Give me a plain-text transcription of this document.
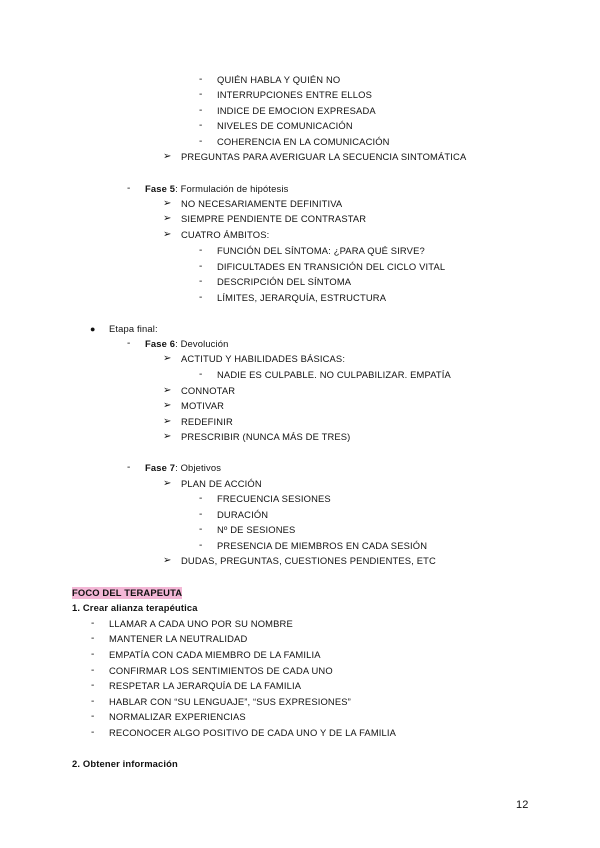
- QUIÉN HABLA Y QUIÉN NO
- INTERRUPCIONES ENTRE ELLOS
- INDICE DE EMOCION EXPRESADA
- NIVELES DE COMUNICACIÓN
- COHERENCIA EN LA COMUNICACIÓN
➢ PREGUNTAS PARA AVERIGUAR LA SECUENCIA SINTOMÁTICA
- Fase 5: Formulación de hipótesis
➢ NO NECESARIAMENTE DEFINITIVA
➢ SIEMPRE PENDIENTE DE CONTRASTAR
➢ CUATRO ÁMBITOS:
- FUNCIÓN DEL SÍNTOMA: ¿PARA QUÉ SIRVE?
- DIFICULTADES EN TRANSICIÓN DEL CICLO VITAL
- DESCRIPCIÓN DEL SÍNTOMA
- LÍMITES, JERARQUÍA, ESTRUCTURA
● Etapa final:
- Fase 6: Devolución
➢ ACTITUD Y HABILIDADES BÁSICAS:
- NADIE ES CULPABLE. NO CULPABILIZAR. EMPATÍA
➢ CONNOTAR
➢ MOTIVAR
➢ REDEFINIR
➢ PRESCRIBIR (NUNCA MÁS DE TRES)
- Fase 7: Objetivos
➢ PLAN DE ACCIÓN
- FRECUENCIA SESIONES
- DURACIÓN
- Nº DE SESIONES
- PRESENCIA DE MIEMBROS EN CADA SESIÓN
➢ DUDAS, PREGUNTAS, CUESTIONES PENDIENTES, ETC
FOCO DEL TERAPEUTA
1. Crear alianza terapéutica
- LLAMAR A CADA UNO POR SU NOMBRE
- MANTENER LA NEUTRALIDAD
- EMPATÍA CON CADA MIEMBRO DE LA FAMILIA
- CONFIRMAR LOS SENTIMIENTOS DE CADA UNO
- RESPETAR LA JERARQUÍA DE LA FAMILIA
- HABLAR CON “SU LENGUAJE”, “SUS EXPRESIONES”
- NORMALIZAR EXPERIENCIAS
- RECONOCER ALGO POSITIVO DE CADA UNO Y DE LA FAMILIA
2. Obtener información
12
